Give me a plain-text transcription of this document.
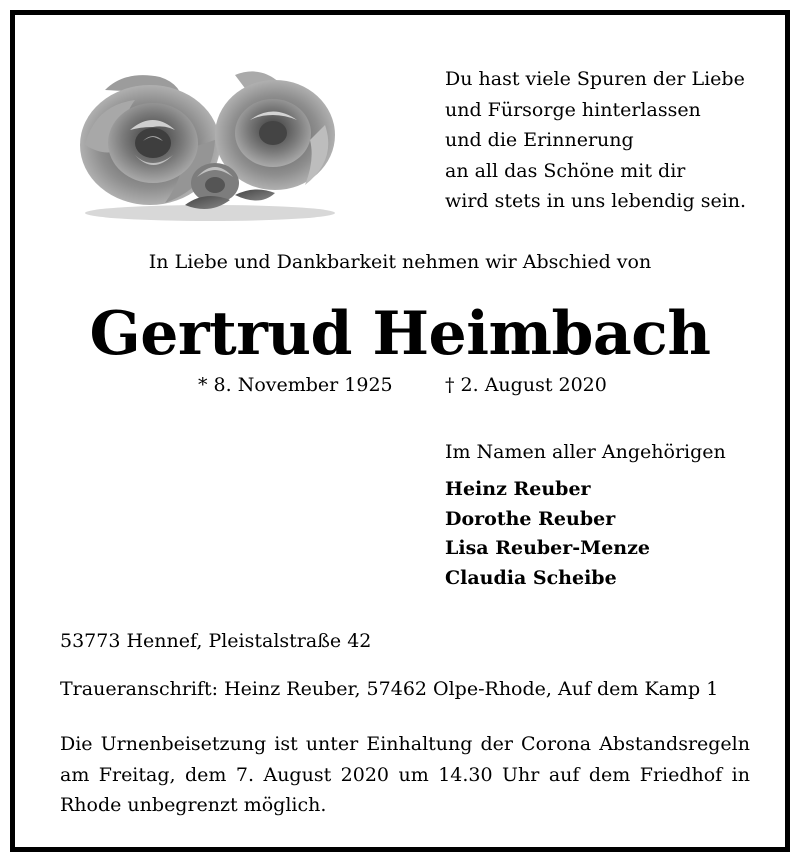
Du hast viele Spuren der Liebe
und Fürsorge hinterlassen
und die Erinnerung
an all das Schöne mit dir
wird stets in uns lebendig sein.
In Liebe und Dankbarkeit nehmen wir Abschied von
Gertrud Heimbach
* 8. November 1925	† 2. August 2020
Im Namen aller Angehörigen
Heinz Reuber
Dorothe Reuber
Lisa Reuber-Menze
Claudia Scheibe
53773 Hennef, Pleistalstraße 42
Traueranschrift: Heinz Reuber, 57462 Olpe-Rhode, Auf dem Kamp 1
Die Urnenbeisetzung ist unter Einhaltung der Corona Abstandsregeln
am Freitag, dem 7. August 2020 um 14.30 Uhr auf dem Friedhof in
Rhode unbegrenzt möglich.
